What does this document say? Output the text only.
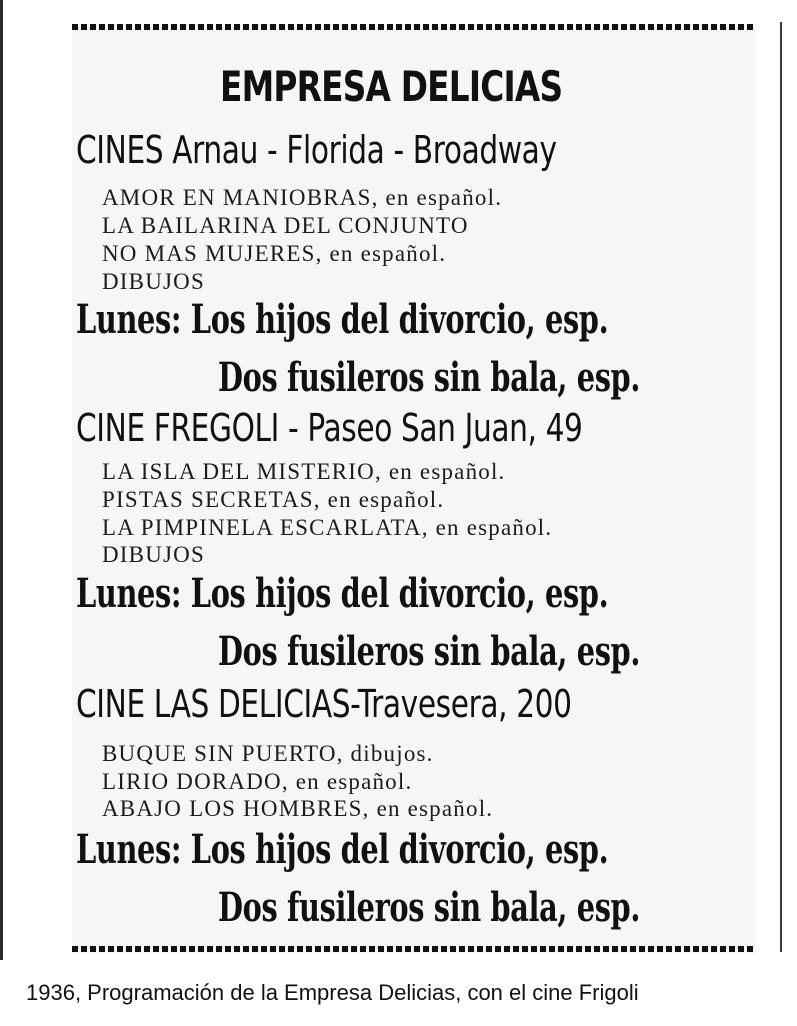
EMPRESA DELICIAS
CINES Arnau - Florida - Broadway
AMOR EN MANIOBRAS, en español.
LA BAILARINA DEL CONJUNTO
NO MAS MUJERES, en español.
DIBUJOS
Lunes: Los hijos del divorcio, esp.
Dos fusileros sin bala, esp.
CINE FREGOLI - Paseo San Juan, 49
LA ISLA DEL MISTERIO, en español.
PISTAS SECRETAS, en español.
LA PIMPINELA ESCARLATA, en español.
DIBUJOS
Lunes: Los hijos del divorcio, esp.
Dos fusileros sin bala, esp.
CINE LAS DELICIAS-Travesera, 200
BUQUE SIN PUERTO, dibujos.
LIRIO DORADO, en español.
ABAJO LOS HOMBRES, en español.
Lunes: Los hijos del divorcio, esp.
Dos fusileros sin bala, esp.
1936, Programación de la Empresa Delicias, con el cine Frigoli
